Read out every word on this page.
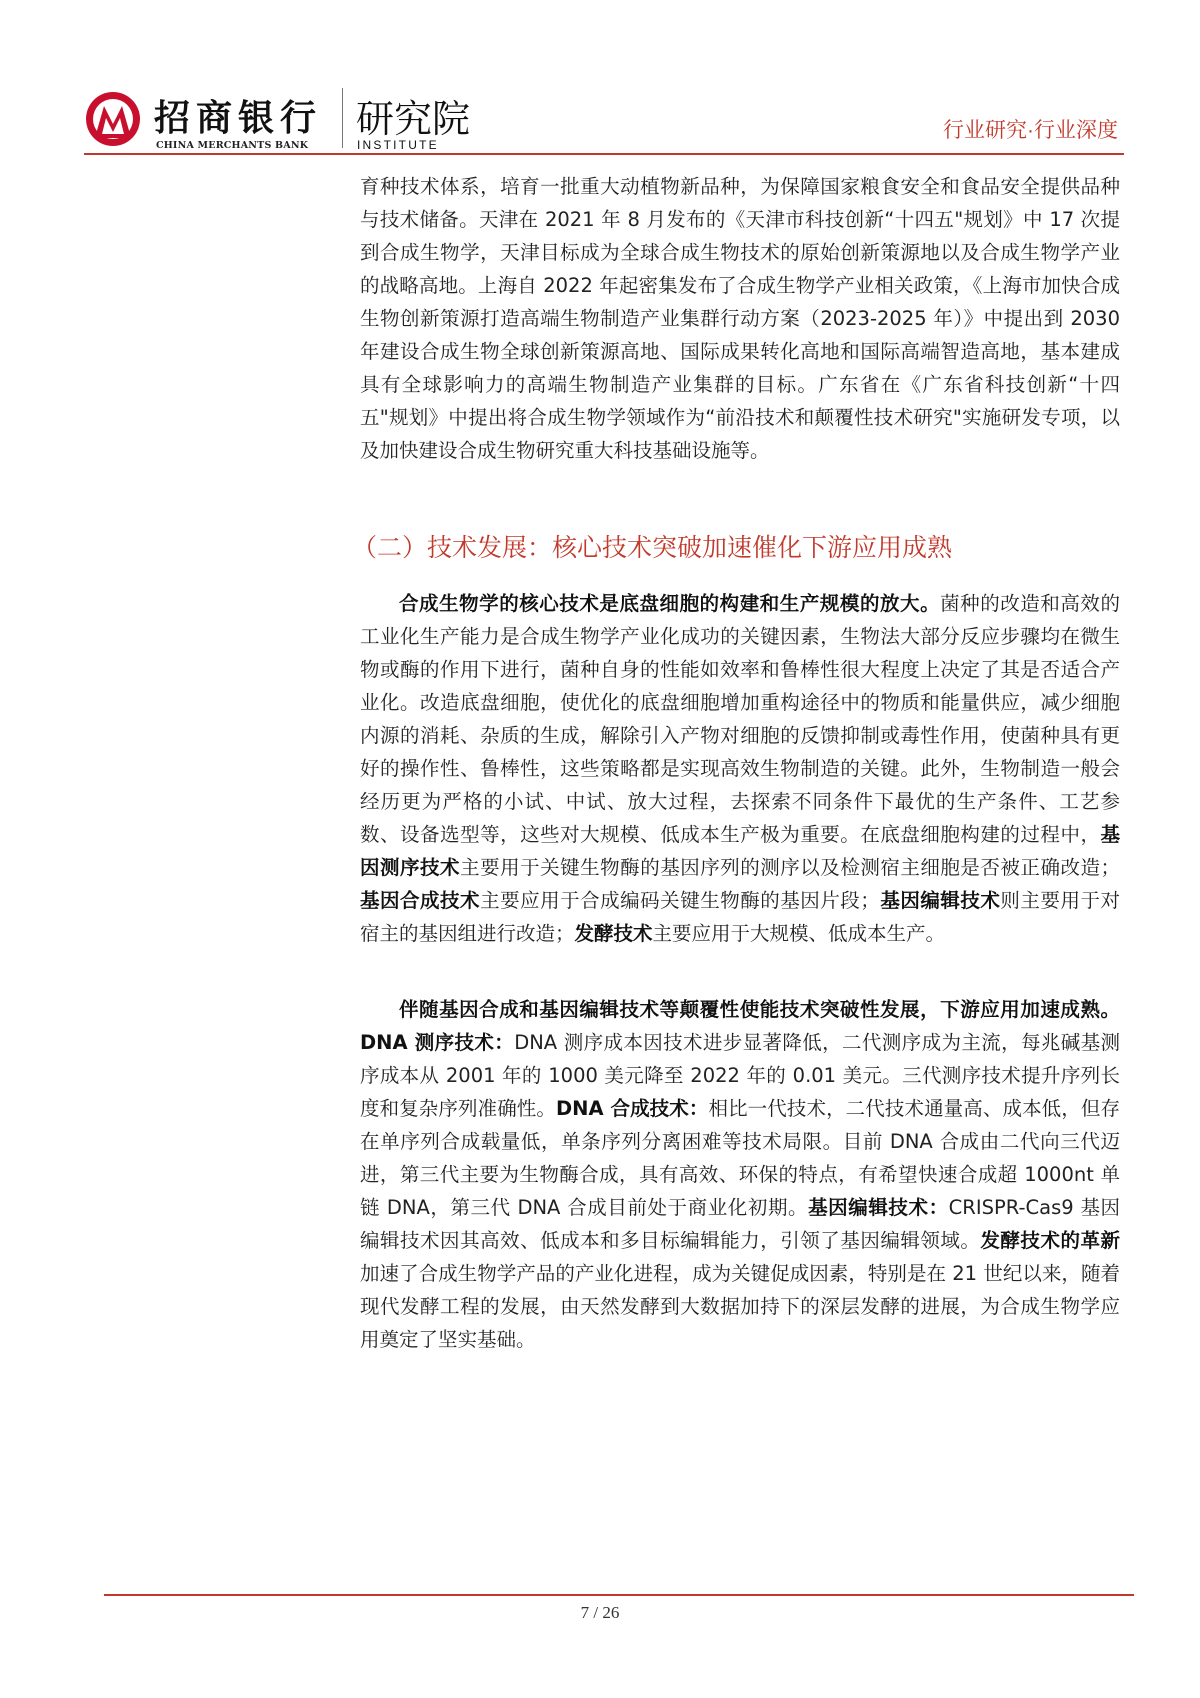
招商银行
CHINA MERCHANTS BANK
研究院
INSTITUTE
行业研究·行业深度

育种技术体系，培育一批重大动植物新品种，为保障国家粮食安全和食品安全提供品种与技术储备。天津在 2021 年 8 月发布的《天津市科技创新“十四五"规划》中 17 次提到合成生物学，天津目标成为全球合成生物技术的原始创新策源地以及合成生物学产业的战略高地。上海自 2022 年起密集发布了合成生物学产业相关政策，《上海市加快合成生物创新策源打造高端生物制造产业集群行动方案（2023-2025 年）》中提出到 2030 年建设合成生物全球创新策源高地、国际成果转化高地和国际高端智造高地，基本建成具有全球影响力的高端生物制造产业集群的目标。广东省在《广东省科技创新“十四五"规划》中提出将合成生物学领域作为“前沿技术和颠覆性技术研究"实施研发专项，以及加快建设合成生物研究重大科技基础设施等。

（二）技术发展：核心技术突破加速催化下游应用成熟

合成生物学的核心技术是底盘细胞的构建和生产规模的放大。菌种的改造和高效的工业化生产能力是合成生物学产业化成功的关键因素，生物法大部分反应步骤均在微生物或酶的作用下进行，菌种自身的性能如效率和鲁棒性很大程度上决定了其是否适合产业化。改造底盘细胞，使优化的底盘细胞增加重构途径中的物质和能量供应，减少细胞内源的消耗、杂质的生成，解除引入产物对细胞的反馈抑制或毒性作用，使菌种具有更好的操作性、鲁棒性，这些策略都是实现高效生物制造的关键。此外，生物制造一般会经历更为严格的小试、中试、放大过程，去探索不同条件下最优的生产条件、工艺参数、设备选型等，这些对大规模、低成本生产极为重要。在底盘细胞构建的过程中，基因测序技术主要用于关键生物酶的基因序列的测序以及检测宿主细胞是否被正确改造；基因合成技术主要应用于合成编码关键生物酶的基因片段；基因编辑技术则主要用于对宿主的基因组进行改造；发酵技术主要应用于大规模、低成本生产。

伴随基因合成和基因编辑技术等颠覆性使能技术突破性发展，下游应用加速成熟。DNA 测序技术：DNA 测序成本因技术进步显著降低，二代测序成为主流，每兆碱基测序成本从 2001 年的 1000 美元降至 2022 年的 0.01 美元。三代测序技术提升序列长度和复杂序列准确性。DNA 合成技术：相比一代技术，二代技术通量高、成本低，但存在单序列合成载量低，单条序列分离困难等技术局限。目前 DNA 合成由二代向三代迈进，第三代主要为生物酶合成，具有高效、环保的特点，有希望快速合成超 1000nt 单链 DNA，第三代 DNA 合成目前处于商业化初期。基因编辑技术：CRISPR-Cas9 基因编辑技术因其高效、低成本和多目标编辑能力，引领了基因编辑领域。发酵技术的革新加速了合成生物学产品的产业化进程，成为关键促成因素，特别是在 21 世纪以来，随着现代发酵工程的发展，由天然发酵到大数据加持下的深层发酵的进展，为合成生物学应用奠定了坚实基础。

7 / 26
